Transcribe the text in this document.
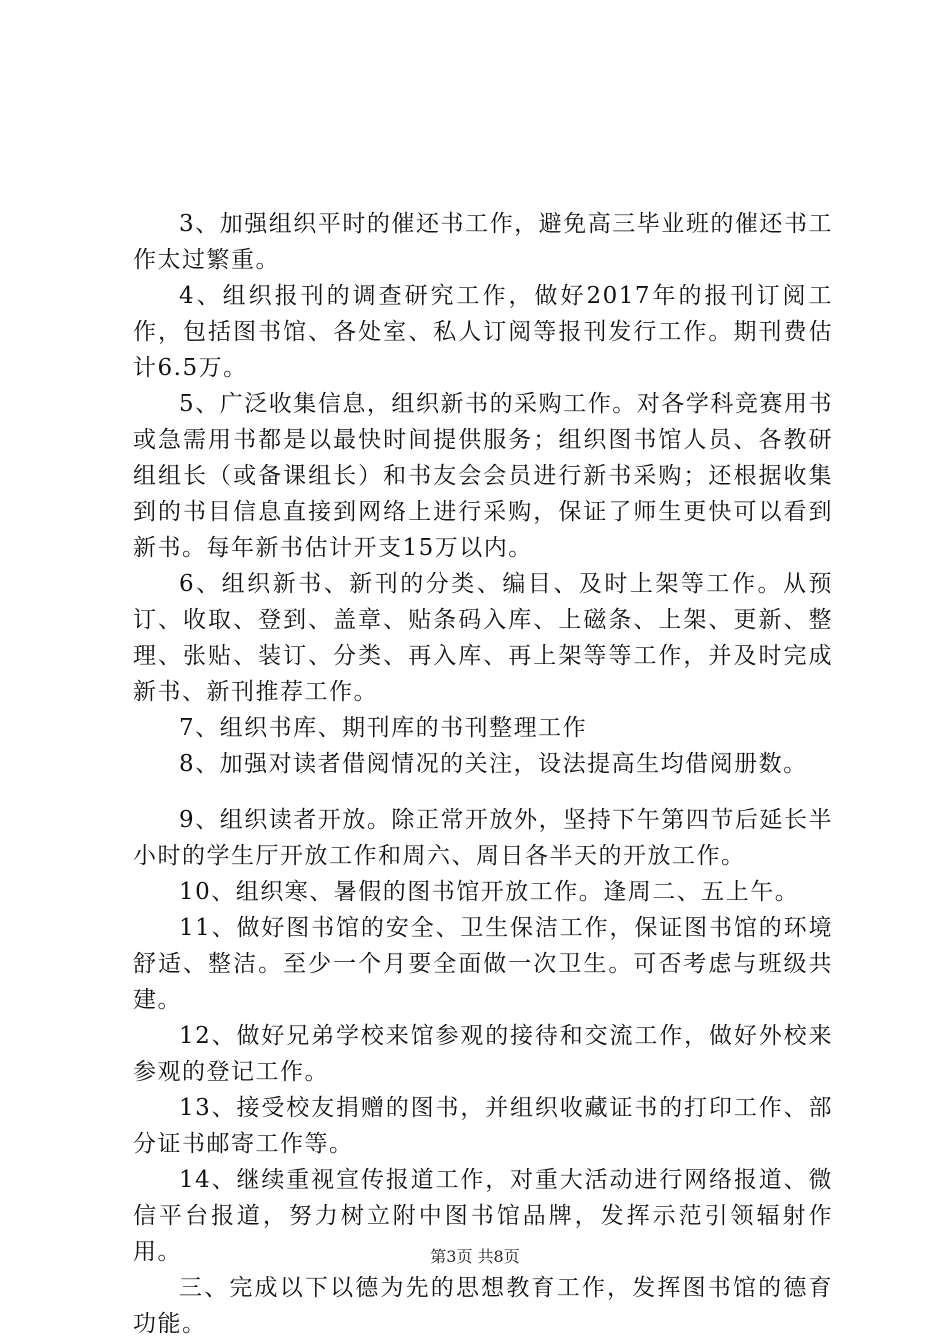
3、加强组织平时的催还书工作，避免高三毕业班的催还书工作太过繁重。

4、组织报刊的调查研究工作，做好2017年的报刊订阅工作，包括图书馆、各处室、私人订阅等报刊发行工作。期刊费估计6.5万。

5、广泛收集信息，组织新书的采购工作。对各学科竞赛用书或急需用书都是以最快时间提供服务；组织图书馆人员、各教研组组长（或备课组长）和书友会会员进行新书采购；还根据收集到的书目信息直接到网络上进行采购，保证了师生更快可以看到新书。每年新书估计开支15万以内。

6、组织新书、新刊的分类、编目、及时上架等工作。从预订、收取、登到、盖章、贴条码入库、上磁条、上架、更新、整理、张贴、装订、分类、再入库、再上架等等工作，并及时完成新书、新刊推荐工作。

7、组织书库、期刊库的书刊整理工作

8、加强对读者借阅情况的关注，设法提高生均借阅册数。

9、组织读者开放。除正常开放外，坚持下午第四节后延长半小时的学生厅开放工作和周六、周日各半天的开放工作。

10、组织寒、暑假的图书馆开放工作。逢周二、五上午。

11、做好图书馆的安全、卫生保洁工作，保证图书馆的环境舒适、整洁。至少一个月要全面做一次卫生。可否考虑与班级共建。

12、做好兄弟学校来馆参观的接待和交流工作，做好外校来参观的登记工作。

13、接受校友捐赠的图书，并组织收藏证书的打印工作、部分证书邮寄工作等。

14、继续重视宣传报道工作，对重大活动进行网络报道、微信平台报道，努力树立附中图书馆品牌，发挥示范引领辐射作用。

三、完成以下以德为先的思想教育工作，发挥图书馆的德育功能。

第3页 共8页
